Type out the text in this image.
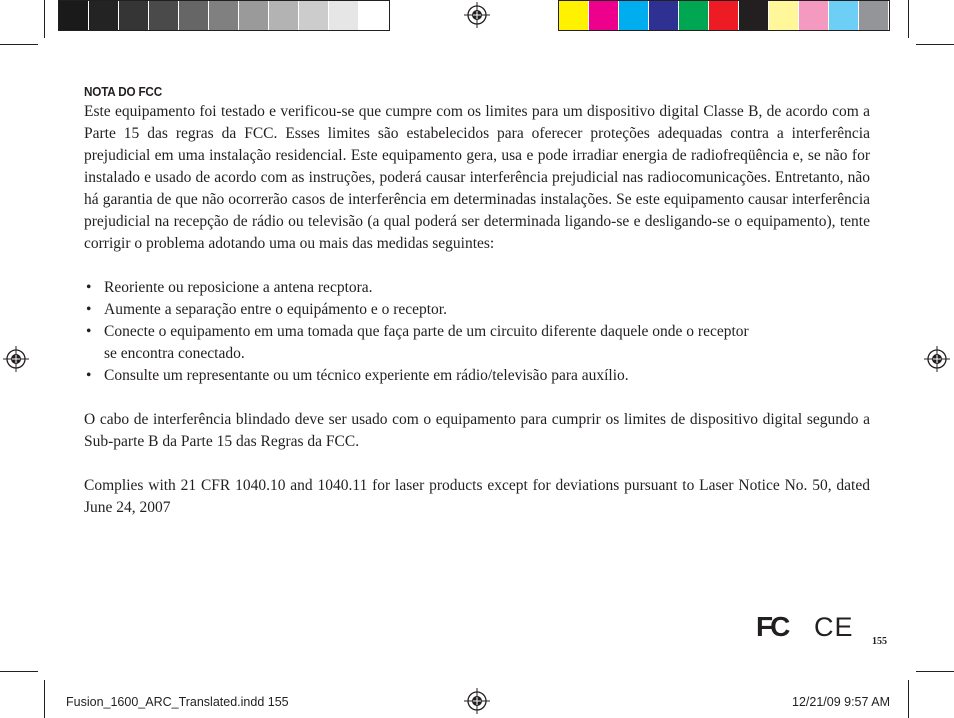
NOTA DO FCC

Este equipamento foi testado e verificou-se que cumpre com os limites para um dispositivo digital Classe B, de acordo com a Parte 15 das regras da FCC. Esses limites são estabelecidos para oferecer proteções adequadas contra a interferência prejudicial em uma instalação residencial. Este equipamento gera, usa e pode irradiar energia de radiofreqüência e, se não for instalado e usado de acordo com as instruções, poderá causar interferência prejudicial nas radiocomunicações. Entretanto, não há garantia de que não ocorrerão casos de interferência em determinadas instalações. Se este equipamento causar interferência prejudicial na recepção de rádio ou televisão (a qual poderá ser determinada ligando-se e desligando-se o equipamento), tente corrigir o problema adotando uma ou mais das medidas seguintes:

• Reoriente ou reposicione a antena recptora.
• Aumente a separação entre o equipámento e o receptor.
• Conecte o equipamento em uma tomada que faça parte de um circuito diferente daquele onde o receptor
se encontra conectado.
• Consulte um representante ou um técnico experiente em rádio/televisão para auxílio.

O cabo de interferência blindado deve ser usado com o equipamento para cumprir os limites de dispositivo digital segundo a Sub-parte B da Parte 15 das Regras da FCC.

Complies with 21 CFR 1040.10 and 1040.11 for laser products except for deviations pursuant to Laser Notice No. 50, dated June 24, 2007

FC CE 155
Fusion_1600_ARC_Translated.indd 155	12/21/09 9:57 AM
